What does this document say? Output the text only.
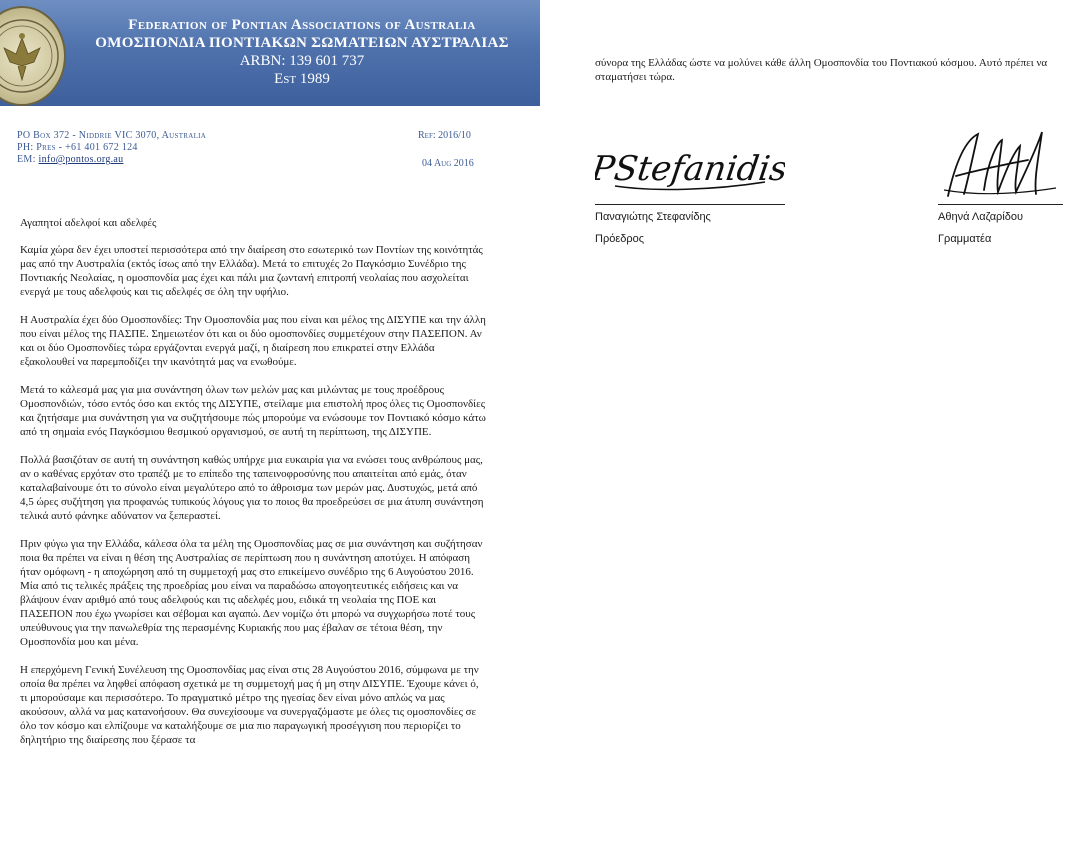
Federation of Pontian Associations of Australia
ΟΜΟΣΠΟΝΔΙΑ ΠΟΝΤΙΑΚΩΝ ΣΩΜΑΤΕΙΩΝ ΑΥΣΤΡΑΛΙΑΣ
ARBN: 139 601 737
Est 1989
PO Box 372 - Niddrie VIC 3070, Australia
PH: Pres - +61 401 672 124
EM: info@pontos.org.au
Ref: 2016/10
04 Aug 2016

Αγαπητοί αδελφοί και αδελφές

Καμία χώρα δεν έχει υποστεί περισσότερα από την διαίρεση στο εσωτερικό των Ποντίων της κοινότητάς μας από την Αυστραλία (εκτός ίσως από την Ελλάδα). Μετά το επιτυχές 2ο Παγκόσμιο Συνέδριο της Ποντιακής Νεολαίας, η ομοσπονδία μας έχει και πάλι μια ζωντανή επιτροπή νεολαίας που ασχολείται ενεργά με τους αδελφούς και τις αδελφές σε όλη την υφήλιο.

Η Αυστραλία έχει δύο Ομοσπονδίες: Την Ομοσπονδία μας που είναι και μέλος της ΔΙΣΥΠΕ και την άλλη που είναι μέλος της ΠΑΣΠΕ. Σημειωτέον ότι και οι δύο ομοσπονδίες συμμετέχουν στην ΠΑΣΕΠΟΝ. Αν και οι δύο Ομοσπονδίες τώρα εργάζονται ενεργά μαζί, η διαίρεση που επικρατεί στην Ελλάδα εξακολουθεί να παρεμποδίζει την ικανότητά μας να ενωθούμε.

Μετά το κάλεσμά μας για μια συνάντηση όλων των μελών μας και μιλώντας με τους προέδρους Ομοσπονδιών, τόσο εντός όσο και εκτός της ΔΙΣΥΠΕ, στείλαμε μια επιστολή προς όλες τις Ομοσπονδίες και ζητήσαμε μια συνάντηση για να συζητήσουμε πώς μπορούμε να ενώσουμε τον Ποντιακό κόσμο κάτω από τη σημαία ενός Παγκόσμιου θεσμικού οργανισμού, σε αυτή τη περίπτωση, της ΔΙΣΥΠΕ.

Πολλά βασιζόταν σε αυτή τη συνάντηση καθώς υπήρχε μια ευκαιρία για να ενώσει τους ανθρώπους μας, αν ο καθένας ερχόταν στο τραπέζι με το επίπεδο της ταπεινοφροσύνης που απαιτείται από εμάς, όταν καταλαβαίνουμε ότι το σύνολο είναι μεγαλύτερο από το άθροισμα των μερών μας. Δυστυχώς, μετά από 4,5 ώρες συζήτηση για προφανώς τυπικούς λόγους για το ποιος θα προεδρεύσει σε μια άτυπη συνάντηση τελικά αυτό φάνηκε αδύνατον να ξεπεραστεί.

Πριν φύγω για την Ελλάδα, κάλεσα όλα τα μέλη της Ομοσπονδίας μας σε μια συνάντηση και συζήτησαν ποια θα πρέπει να είναι η θέση της Αυστραλίας σε περίπτωση που η συνάντηση αποτύχει. Η απόφαση ήταν ομόφωνη - η αποχώρηση από τη συμμετοχή μας στο επικείμενο συνέδριο της 6 Αυγούστου 2016. Μία από τις τελικές πράξεις της προεδρίας μου είναι να παραδώσω απογοητευτικές ειδήσεις και να βλάψουν έναν αριθμό από τους αδελφούς και τις αδελφές μου, ειδικά τη νεολαία της ΠΟΕ και ΠΑΣΕΠΟΝ που έχω γνωρίσει και σέβομαι και αγαπώ. Δεν νομίζω ότι μπορώ να συγχωρήσω ποτέ τους υπεύθυνους για την πανωλεθρία της περασμένης Κυριακής που μας έβαλαν σε τέτοια θέση, την Ομοσπονδία μου και μένα.

Η επερχόμενη Γενική Συνέλευση της Ομοσπονδίας μας είναι στις 28 Αυγούστου 2016, σύμφωνα με την οποία θα πρέπει να ληφθεί απόφαση σχετικά με τη συμμετοχή μας ή μη στην ΔΙΣΥΠΕ. Έχουμε κάνει ό, τι μπορούσαμε και περισσότερο. Το πραγματικό μέτρο της ηγεσίας δεν είναι μόνο απλώς να μας ακούσουν, αλλά να μας κατανοήσουν. Θα συνεχίσουμε να συνεργαζόμαστε με όλες τις ομοσπονδίες σε όλο τον κόσμο και ελπίζουμε να καταλήξουμε σε μια πιο παραγωγική προσέγγιση που περιορίζει το δηλητήριο της διαίρεσης που ξέρασε τα

σύνορα της Ελλάδας ώστε να μολύνει κάθε άλλη Ομοσπονδία του Ποντιακού κόσμου. Αυτό πρέπει να σταματήσει τώρα.
PStefanidis
Παναγιώτης Στεφανίδης
Πρόεδρος
Αθηνά Λαζαρίδου
Γραμματέα
